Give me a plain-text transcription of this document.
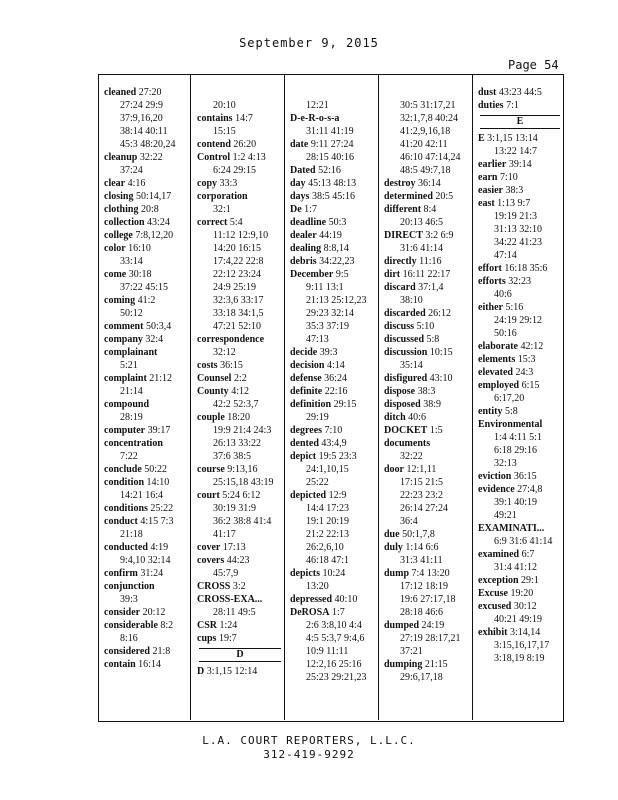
September 9, 2015
Page 54
cleaned 27:20
27:24 29:9
37:9,16,20
38:14 40:11
45:3 48:20,24
cleanup 32:22
37:24
clear 4:16
closing 50:14,17
clothing 20:8
collection 43:24
college 7:8,12,20
color 16:10
33:14
come 30:18
37:22 45:15
coming 41:2
50:12
comment 50:3,4
company 32:4
complainant
5:21
complaint 21:12
21:14
compound
28:19
computer 39:17
concentration
7:22
conclude 50:22
condition 14:10
14:21 16:4
conditions 25:22
conduct 4:15 7:3
21:18
conducted 4:19
9:4,10 32:14
confirm 31:24
conjunction
39:3
consider 20:12
considerable 8:2
8:16
considered 21:8
contain 16:14

20:10
contains 14:7
15:15
contend 26:20
Control 1:2 4:13
6:24 29:15
copy 33:3
corporation
32:1
correct 5:4
11:12 12:9,10
14:20 16:15
17:4,22 22:8
22:12 23:24
24:9 25:19
32:3,6 33:17
33:18 34:1,5
47:21 52:10
correspondence
32:12
costs 36:15
Counsel 2:2
County 4:12
42:2 52:3,7
couple 18:20
19:9 21:4 24:3
26:13 33:22
37:6 38:5
course 9:13,16
25:15,18 43:19
court 5:24 6:12
30:19 31:9
36:2 38:8 41:4
41:17
cover 17:13
covers 44:23
45:7,9
CROSS 3:2
CROSS-EXA...
28:11 49:5
CSR 1:24
cups 19:7
D
D 3:1,15 12:14

12:21
D-e-R-o-s-a
31:11 41:19
date 9:11 27:24
28:15 40:16
Dated 52:16
day 45:13 48:13
days 38:5 45:16
De 1:7
deadline 50:3
dealer 44:19
dealing 8:8,14
debris 34:22,23
December 9:5
9:11 13:1
21:13 25:12,23
29:23 32:14
35:3 37:19
47:13
decide 39:3
decision 4:14
defense 36:24
definite 22:16
definition 29:15
29:19
degrees 7:10
dented 43:4,9
depict 19:5 23:3
24:1,10,15
25:22
depicted 12:9
14:4 17:23
19:1 20:19
21:2 22:13
26:2,6,10
46:18 47:1
depicts 10:24
13:20
depressed 40:10
DeROSA 1:7
2:6 3:8,10 4:4
4:5 5:3,7 9:4,6
10:9 11:11
12:2,16 25:16
25:23 29:21,23

30:5 31:17,21
32:1,7,8 40:24
41:2,9,16,18
41:20 42:11
46:10 47:14,24
48:5 49:7,18
destroy 36:14
determined 20:5
different 8:4
20:13 46:5
DIRECT 3:2 6:9
31:6 41:14
directly 11:16
dirt 16:11 22:17
discard 37:1,4
38:10
discarded 26:12
discuss 5:10
discussed 5:8
discussion 10:15
35:14
disfigured 43:10
dispose 38:3
disposed 38:9
ditch 40:6
DOCKET 1:5
documents
32:22
door 12:1,11
17:15 21:5
22:23 23:2
26:14 27:24
36:4
due 50:1,7,8
duly 1:14 6:6
31:3 41:11
dump 7:4 13:20
17:12 18:19
19:6 27:17,18
28:18 46:6
dumped 24:19
27:19 28:17,21
37:21
dumping 21:15
29:6,17,18
dust 43:23 44:5
duties 7:1
E
E 3:1,15 13:14
13:22 14:7
earlier 39:14
earn 7:10
easier 38:3
east 1:13 9:7
19:19 21:3
31:13 32:10
34:22 41:23
47:14
effort 16:18 35:6
efforts 32:23
40:6
either 5:16
24:19 29:12
50:16
elaborate 42:12
elements 15:3
elevated 24:3
employed 6:15
6:17,20
entity 5:8
Environmental
1:4 4:11 5:1
6:18 29:16
32:13
eviction 36:15
evidence 27:4,8
39:1 40:19
49:21
EXAMINATI...
6:9 31:6 41:14
examined 6:7
31:4 41:12
exception 29:1
Excuse 19:20
excused 30:12
40:21 49:19
exhibit 3:14,14
3:15,16,17,17
3:18,19 8:19
L.A. COURT REPORTERS, L.L.C.
312-419-9292
